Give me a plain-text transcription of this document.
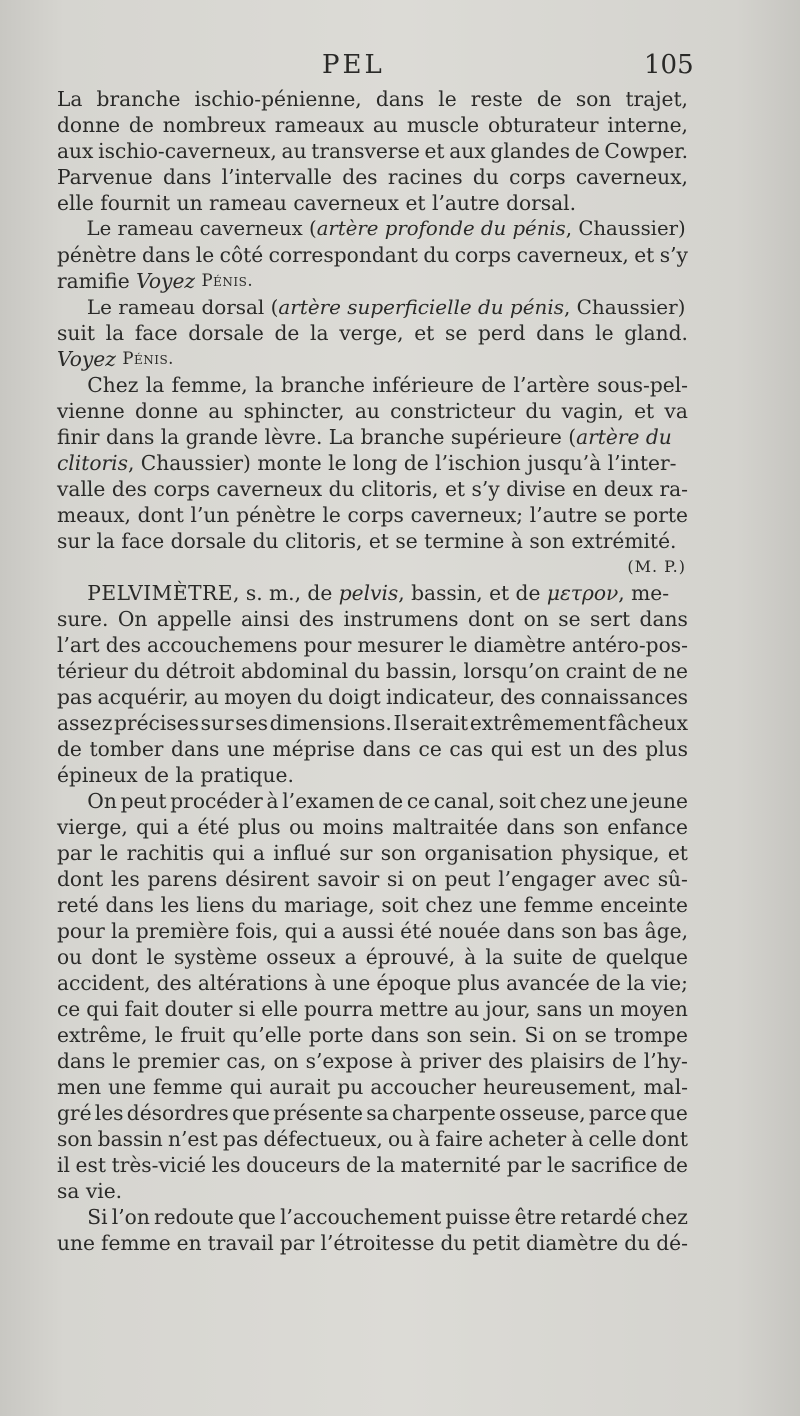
PEL	105
La branche ischio-pénienne, dans le reste de son trajet,
donne de nombreux rameaux au muscle obturateur interne,
aux ischio-caverneux, au transverse et aux glandes de Cowper.
Parvenue dans l’intervalle des racines du corps caverneux,
elle fournit un rameau caverneux et l’autre dorsal.
Le rameau caverneux (artère profonde du pénis, Chaussier)
pénètre dans le côté correspondant du corps caverneux, et s’y
ramifie Voyez Pénis.
Le rameau dorsal (artère superficielle du pénis, Chaussier)
suit la face dorsale de la verge, et se perd dans le gland.
Voyez Pénis.
Chez la femme, la branche inférieure de l’artère sous-pel-
vienne donne au sphincter, au constricteur du vagin, et va
finir dans la grande lèvre. La branche supérieure (artère du
clitoris, Chaussier) monte le long de l’ischion jusqu’à l’inter-
valle des corps caverneux du clitoris, et s’y divise en deux ra-
meaux, dont l’un pénètre le corps caverneux; l’autre se porte
sur la face dorsale du clitoris, et se termine à son extrémité.
(M. P.)
PELVIMÈTRE, s. m., de pelvis, bassin, et de μετρον, me-
sure. On appelle ainsi des instrumens dont on se sert dans
l’art des accouchemens pour mesurer le diamètre antéro-pos-
térieur du détroit abdominal du bassin, lorsqu’on craint de ne
pas acquérir, au moyen du doigt indicateur, des connaissances
assez précises sur ses dimensions. Il serait extrêmement fâcheux
de tomber dans une méprise dans ce cas qui est un des plus
épineux de la pratique.
On peut procéder à l’examen de ce canal, soit chez une jeune
vierge, qui a été plus ou moins maltraitée dans son enfance
par le rachitis qui a influé sur son organisation physique, et
dont les parens désirent savoir si on peut l’engager avec sû-
reté dans les liens du mariage, soit chez une femme enceinte
pour la première fois, qui a aussi été nouée dans son bas âge,
ou dont le système osseux a éprouvé, à la suite de quelque
accident, des altérations à une époque plus avancée de la vie;
ce qui fait douter si elle pourra mettre au jour, sans un moyen
extrême, le fruit qu’elle porte dans son sein. Si on se trompe
dans le premier cas, on s’expose à priver des plaisirs de l’hy-
men une femme qui aurait pu accoucher heureusement, mal-
gré les désordres que présente sa charpente osseuse, parce que
son bassin n’est pas défectueux, ou à faire acheter à celle dont
il est très-vicié les douceurs de la maternité par le sacrifice de
sa vie.
Si l’on redoute que l’accouchement puisse être retardé chez
une femme en travail par l’étroitesse du petit diamètre du dé-
